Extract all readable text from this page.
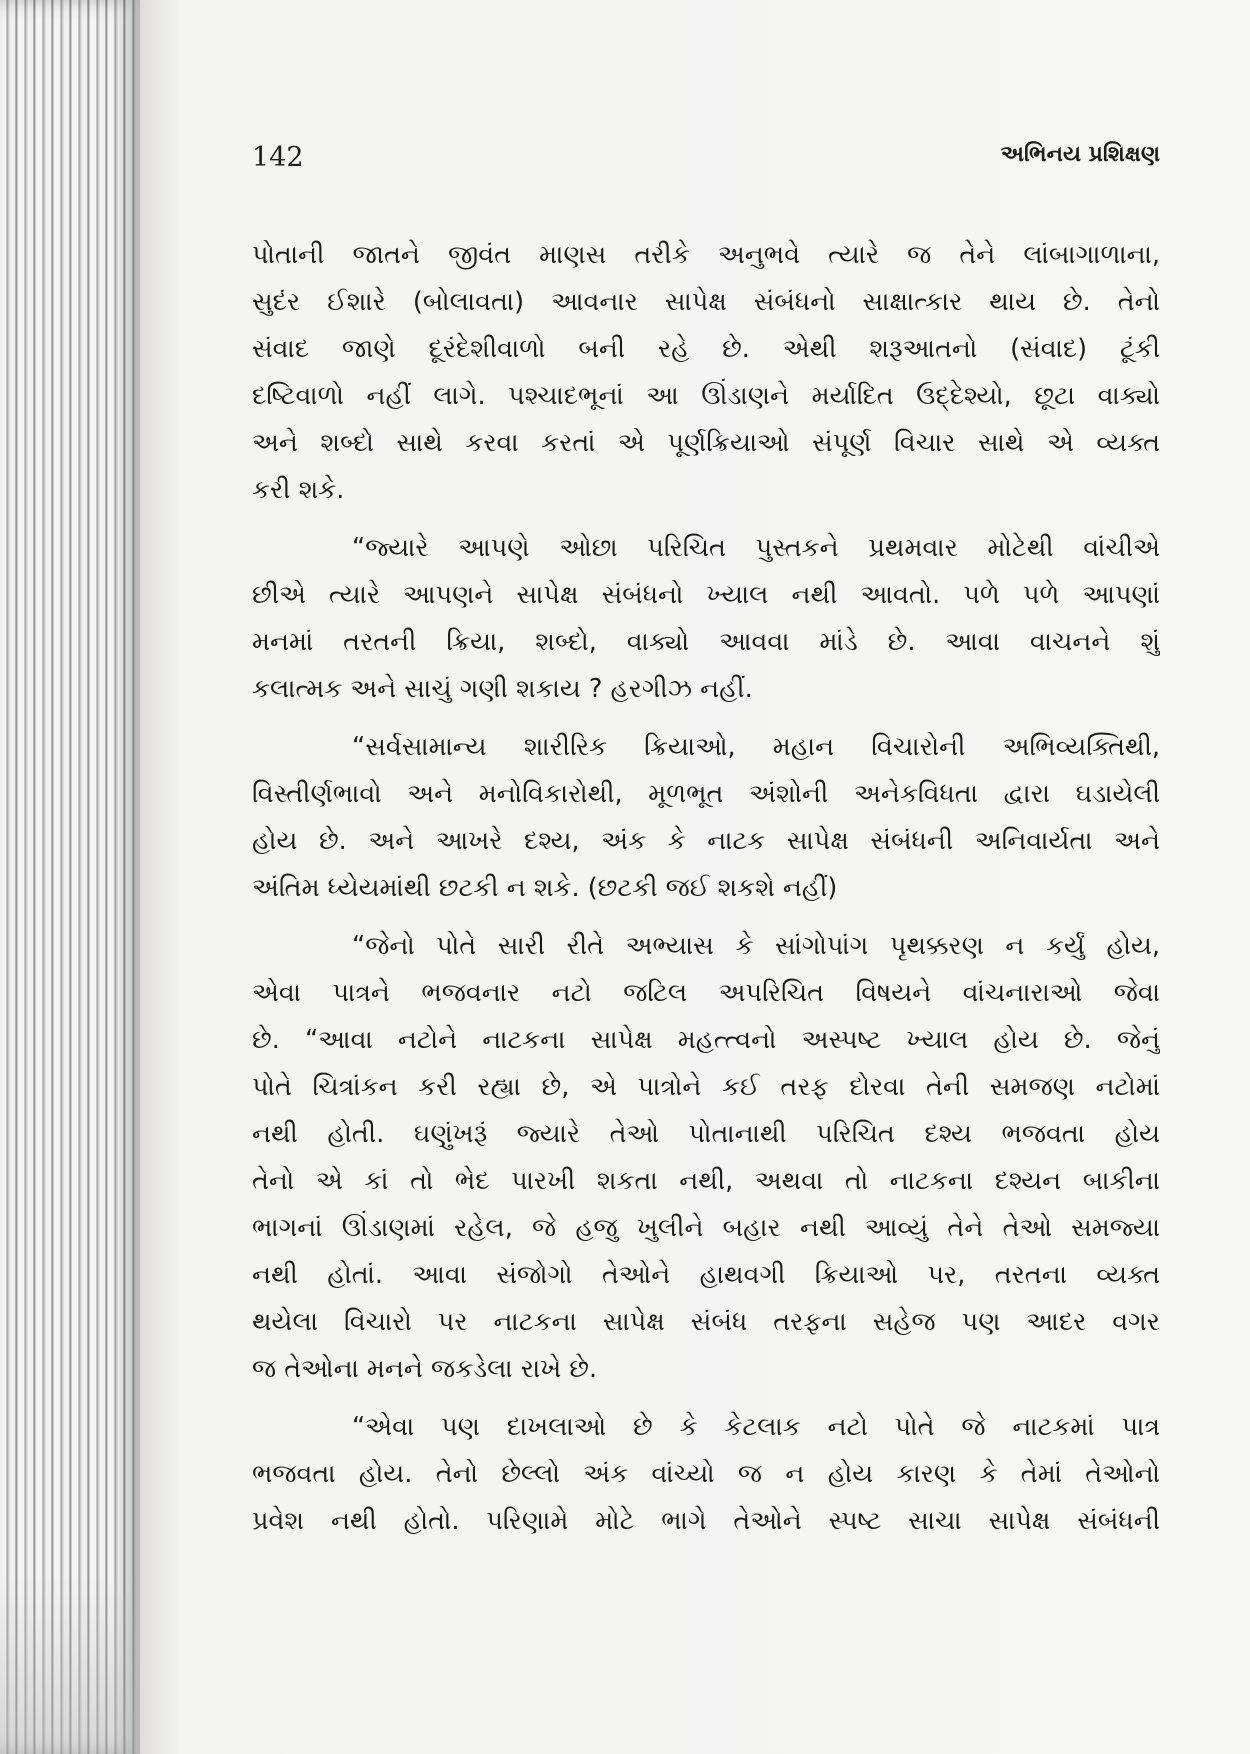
142	અભિનય પ્રશિક્ષણ
પોતાની જાતને જીવંત માણસ તરીકે અનુભવે ત્યારે જ તેને લાંબાગાળાના,
સુદંર ઈશારે (બોલાવતા) આવનાર સાપેક્ષ સંબંધનો સાક્ષાત્કાર થાય છે. તેનો
સંવાદ જાણે દૂરંદેશીવાળો બની રહે છે. એથી શરૂઆતનો (સંવાદ) ટૂંકી
દષ્ટિવાળો નહીં લાગે. પશ્ચાદભૂનાં આ ઊંડાણને મર્યાદિત ઉદ્દેશ્યો, છૂટા વાક્યો
અને શબ્દો સાથે કરવા કરતાં એ પૂર્ણક્રિયાઓ સંપૂર્ણ વિચાર સાથે એ વ્યક્ત
કરી શકે.
“જ્યારે આપણે ઓછા પરિચિત પુસ્તકને પ્રથમવાર મોટેથી વાંચીએ
છીએ ત્યારે આપણને સાપેક્ષ સંબંધનો ખ્યાલ નથી આવતો. પળે પળે આપણાં
મનમાં તરતની ક્રિયા, શબ્દો, વાક્યો આવવા માંડે છે. આવા વાચનને શું
કલાત્મક અને સાચું ગણી શકાય ? હરગીઝ નહીં.
“સર્વસામાન્ય શારીરિક ક્રિયાઓ, મહાન વિચારોની અભિવ્યક્તિથી,
વિસ્તીર્ણભાવો અને મનોવિકારોથી, મૂળભૂત અંશોની અનેકવિધતા દ્વારા ઘડાયેલી
હોય છે. અને આખરે દશ્ય, અંક કે નાટક સાપેક્ષ સંબંધની અનિવાર્યતા અને
અંતિમ ધ્યેયમાંથી છટકી ન શકે. (છટકી જઈ શકશે નહીં)
“જેનો પોતે સારી રીતે અભ્યાસ કે સાંગોપાંગ પૃથક્કરણ ન કર્યું હોય,
એવા પાત્રને ભજવનાર નટો જટિલ અપરિચિત વિષયને વાંચનારાઓ જેવા
છે. “આવા નટોને નાટકના સાપેક્ષ મહત્ત્વનો અસ્પષ્ટ ખ્યાલ હોય છે. જેનું
પોતે ચિત્રાંકન કરી રહ્યા છે, એ પાત્રોને કઈ તરફ દોરવા તેની સમજણ નટોમાં
નથી હોતી. ઘણુંખરૂં જ્યારે તેઓ પોતાનાથી પરિચિત દશ્ય ભજવતા હોય
તેનો એ કાં તો ભેદ પારખી શકતા નથી, અથવા તો નાટકના દશ્યન બાકીના
ભાગનાં ઊંડાણમાં રહેલ, જે હજુ ખુલીને બહાર નથી આવ્યું તેને તેઓ સમજ્યા
નથી હોતાં. આવા સંજોગો તેઓને હાથવગી ક્રિયાઓ પર, તરતના વ્યક્ત
થયેલા વિચારો પર નાટકના સાપેક્ષ સંબંધ તરફના સહેજ પણ આદર વગર
જ તેઓના મનને જકડેલા રાખે છે.
“એવા પણ દાખલાઓ છે કે કેટલાક નટો પોતે જે નાટકમાં પાત્ર
ભજવતા હોય. તેનો છેલ્લો અંક વાંચ્યો જ ન હોય કારણ કે તેમાં તેઓનો
પ્રવેશ નથી હોતો. પરિણામે મોટે ભાગે તેઓને સ્પષ્ટ સાચા સાપેક્ષ સંબંધની
